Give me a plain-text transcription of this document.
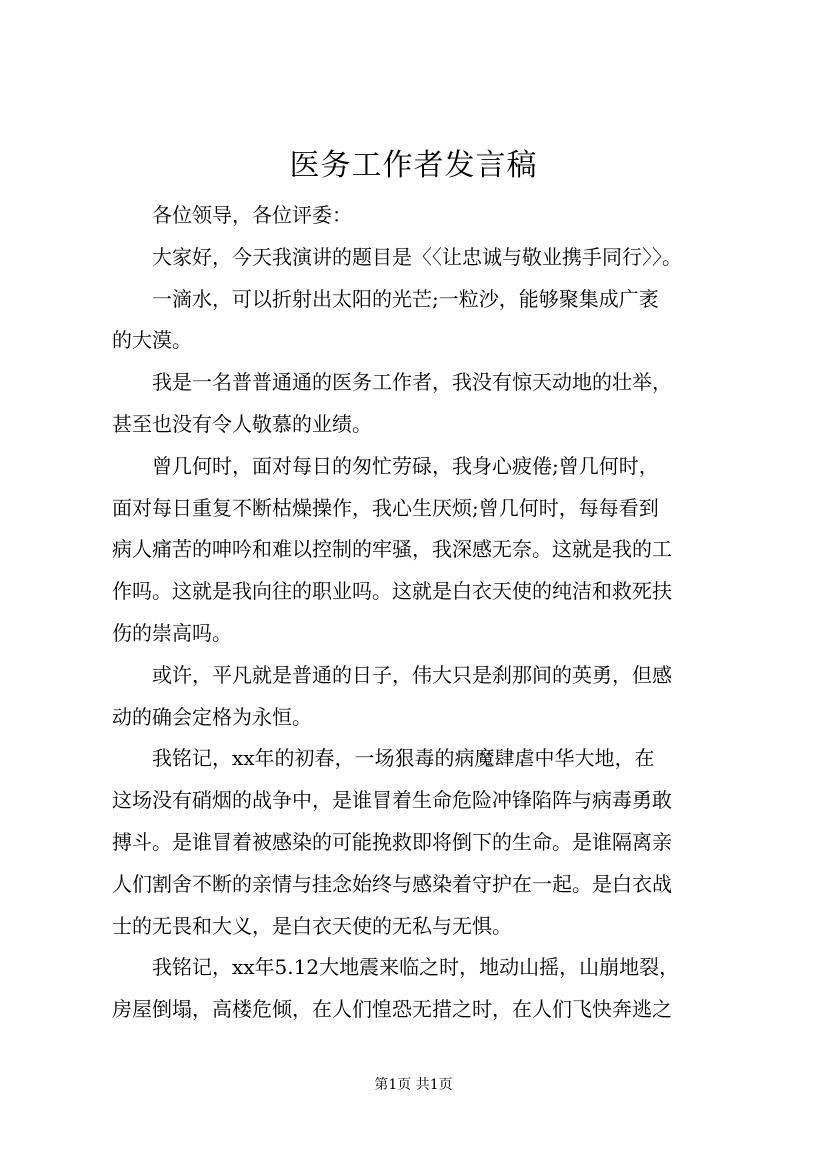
医务工作者发言稿
　　各位领导，各位评委：
　　大家好，今天我演讲的题目是〈〈让忠诚与敬业携手同行〉〉。
　　一滴水，可以折射出太阳的光芒;一粒沙，能够聚集成广袤
的大漠。
　　我是一名普普通通的医务工作者，我没有惊天动地的壮举，
甚至也没有令人敬慕的业绩。
　　曾几何时，面对每日的匆忙劳碌，我身心疲倦;曾几何时，
面对每日重复不断枯燥操作，我心生厌烦;曾几何时，每每看到
病人痛苦的呻吟和难以控制的牢骚，我深感无奈。这就是我的工
作吗。这就是我向往的职业吗。这就是白衣天使的纯洁和救死扶
伤的崇高吗。
　　或许，平凡就是普通的日子，伟大只是刹那间的英勇，但感
动的确会定格为永恒。
　　我铭记，xx年的初春，一场狠毒的病魔肆虐中华大地，在
这场没有硝烟的战争中，是谁冒着生命危险冲锋陷阵与病毒勇敢
搏斗。是谁冒着被感染的可能挽救即将倒下的生命。是谁隔离亲
人们割舍不断的亲情与挂念始终与感染着守护在一起。是白衣战
士的无畏和大义，是白衣天使的无私与无惧。
　　我铭记，xx年5.12大地震来临之时，地动山摇，山崩地裂，
房屋倒塌，高楼危倾，在人们惶恐无措之时，在人们飞快奔逃之
第1页 共1页
